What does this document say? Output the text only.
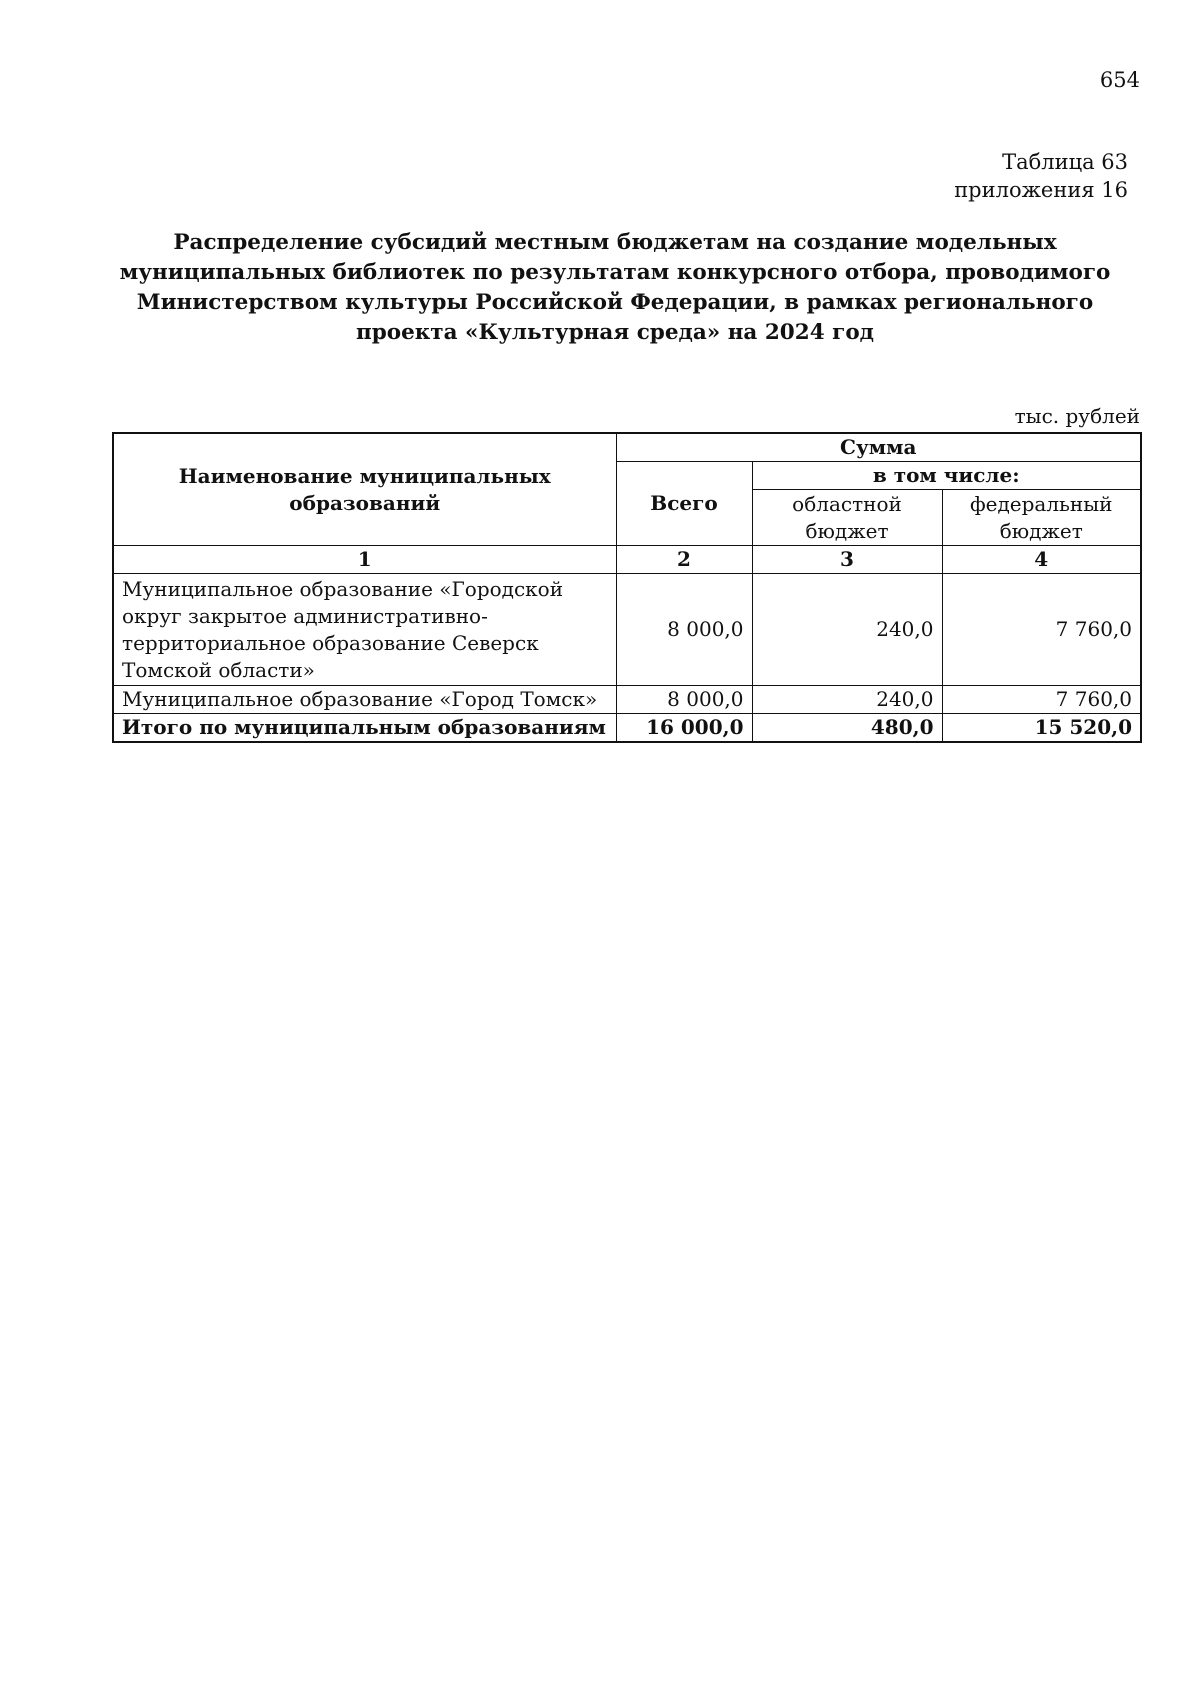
654
Таблица 63
приложения 16
Распределение субсидий местным бюджетам на создание модельных муниципальных библиотек по результатам конкурсного отбора, проводимого Министерством культуры Российской Федерации, в рамках регионального проекта «Культурная среда» на 2024 год
тыс. рублей
Наименование муниципальных образований	Сумма		
	Всего	в том числе:	
		областной бюджет	федеральный бюджет
1	2	3	4
Муниципальное образование «Городской округ закрытое административно-территориальное образование Северск Томской области»	8 000,0	240,0	7 760,0
Муниципальное образование «Город Томск»	8 000,0	240,0	7 760,0
Итого по муниципальным образованиям	16 000,0	480,0	15 520,0
